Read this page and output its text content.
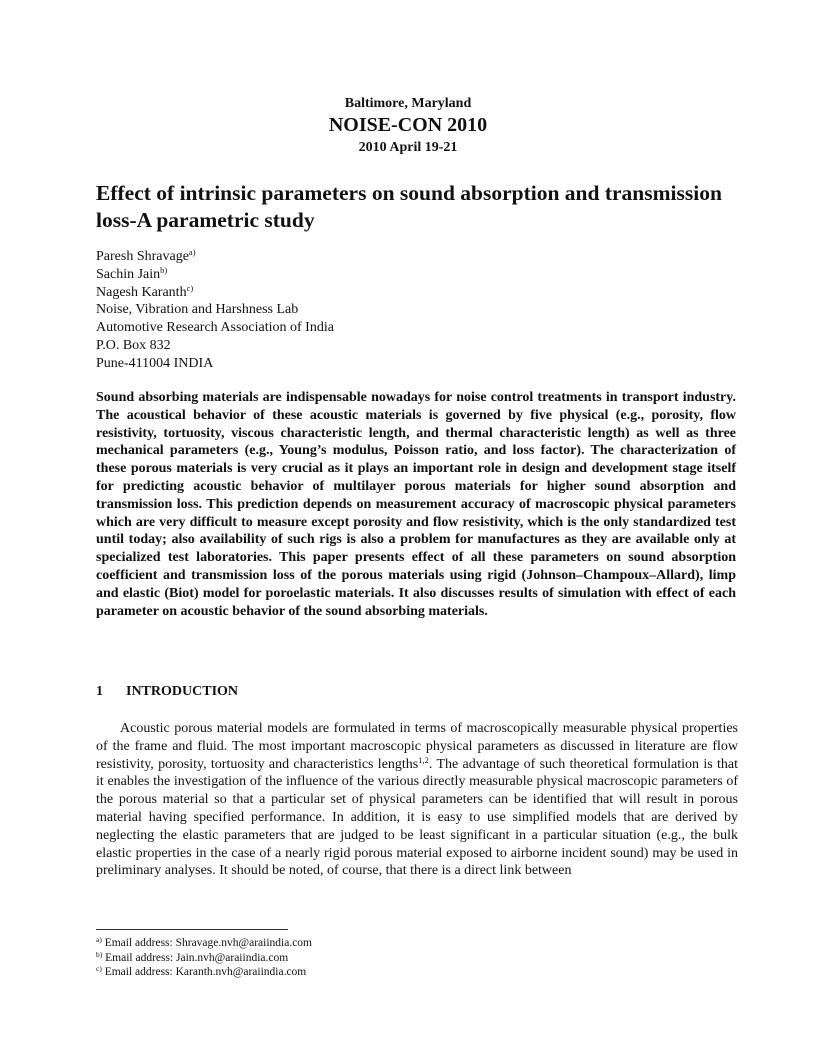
Baltimore, Maryland
NOISE-CON 2010
2010 April 19-21
Effect of intrinsic parameters on sound absorption and transmission loss-A parametric study
Paresh Shravage$^{a)}$
Sachin Jain$^{b)}$
Nagesh Karanth$^{c)}$
Noise, Vibration and Harshness Lab
Automotive Research Association of India
P.O. Box 832
Pune-411004 INDIA

Sound absorbing materials are indispensable nowadays for noise control treatments in transport industry. The acoustical behavior of these acoustic materials is governed by five physical (e.g., porosity, flow resistivity, tortuosity, viscous characteristic length, and thermal characteristic length) as well as three mechanical parameters (e.g., Young’s modulus, Poisson ratio, and loss factor). The characterization of these porous materials is very crucial as it plays an important role in design and development stage itself for predicting acoustic behavior of multilayer porous materials for higher sound absorption and transmission loss. This prediction depends on measurement accuracy of macroscopic physical parameters which are very difficult to measure except porosity and flow resistivity, which is the only standardized test until today; also availability of such rigs is also a problem for manufactures as they are available only at specialized test laboratories. This paper presents effect of all these parameters on sound absorption coefficient and transmission loss of the porous materials using rigid (Johnson–Champoux–Allard), limp and elastic (Biot) model for poroelastic materials. It also discusses results of simulation with effect of each parameter on acoustic behavior of the sound absorbing materials.

1 INTRODUCTION

Acoustic porous material models are formulated in terms of macroscopically measurable physical properties of the frame and fluid. The most important macroscopic physical parameters as discussed in literature are flow resistivity, porosity, tortuosity and characteristics lengths$^{1,2}$. The advantage of such theoretical formulation is that it enables the investigation of the influence of the various directly measurable physical macroscopic parameters of the porous material so that a particular set of physical parameters can be identified that will result in porous material having specified performance. In addition, it is easy to use simplified models that are derived by neglecting the elastic parameters that are judged to be least significant in a particular situation (e.g., the bulk elastic properties in the case of a nearly rigid porous material exposed to airborne incident sound) may be used in preliminary analyses. It should be noted, of course, that there is a direct link between

$^{a)}$ Email address: Shravage.nvh@araiindia.com
$^{b)}$ Email address: Jain.nvh@araiindia.com
$^{c)}$ Email address: Karanth.nvh@araiindia.com
